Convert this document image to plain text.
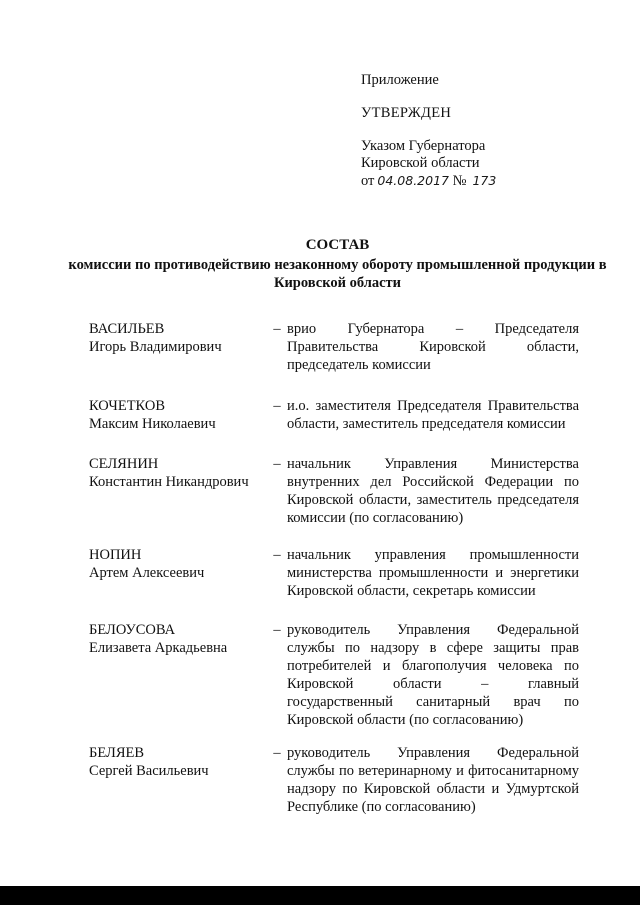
Приложение
УТВЕРЖДЕН
Указом Губернатора
Кировской области
от 04.08.2017 № 173
СОСТАВ
комиссии по противодействию незаконному обороту промышленной продукции в Кировской области
ВАСИЛЬЕВ
Игорь Владимирович
– врио Губернатора – Председателя Правительства Кировской области, председатель комиссии
КОЧЕТКОВ
Максим Николаевич
– и.о. заместителя Председателя Правительства области, заместитель председателя комиссии
СЕЛЯНИН
Константин Никандрович
– начальник Управления Министерства внутренних дел Российской Федерации по Кировской области, заместитель председателя комиссии (по согласованию)
НОПИН
Артем Алексеевич
– начальник управления промышленности министерства промышленности и энергетики Кировской области, секретарь комиссии
БЕЛОУСОВА
Елизавета Аркадьевна
– руководитель Управления Федеральной службы по надзору в сфере защиты прав потребителей и благополучия человека по Кировской области – главный государственный санитарный врач по Кировской области (по согласованию)
БЕЛЯЕВ
Сергей Васильевич
– руководитель Управления Федеральной службы по ветеринарному и фитосанитарному надзору по Кировской области и Удмуртской Республике (по согласованию)
